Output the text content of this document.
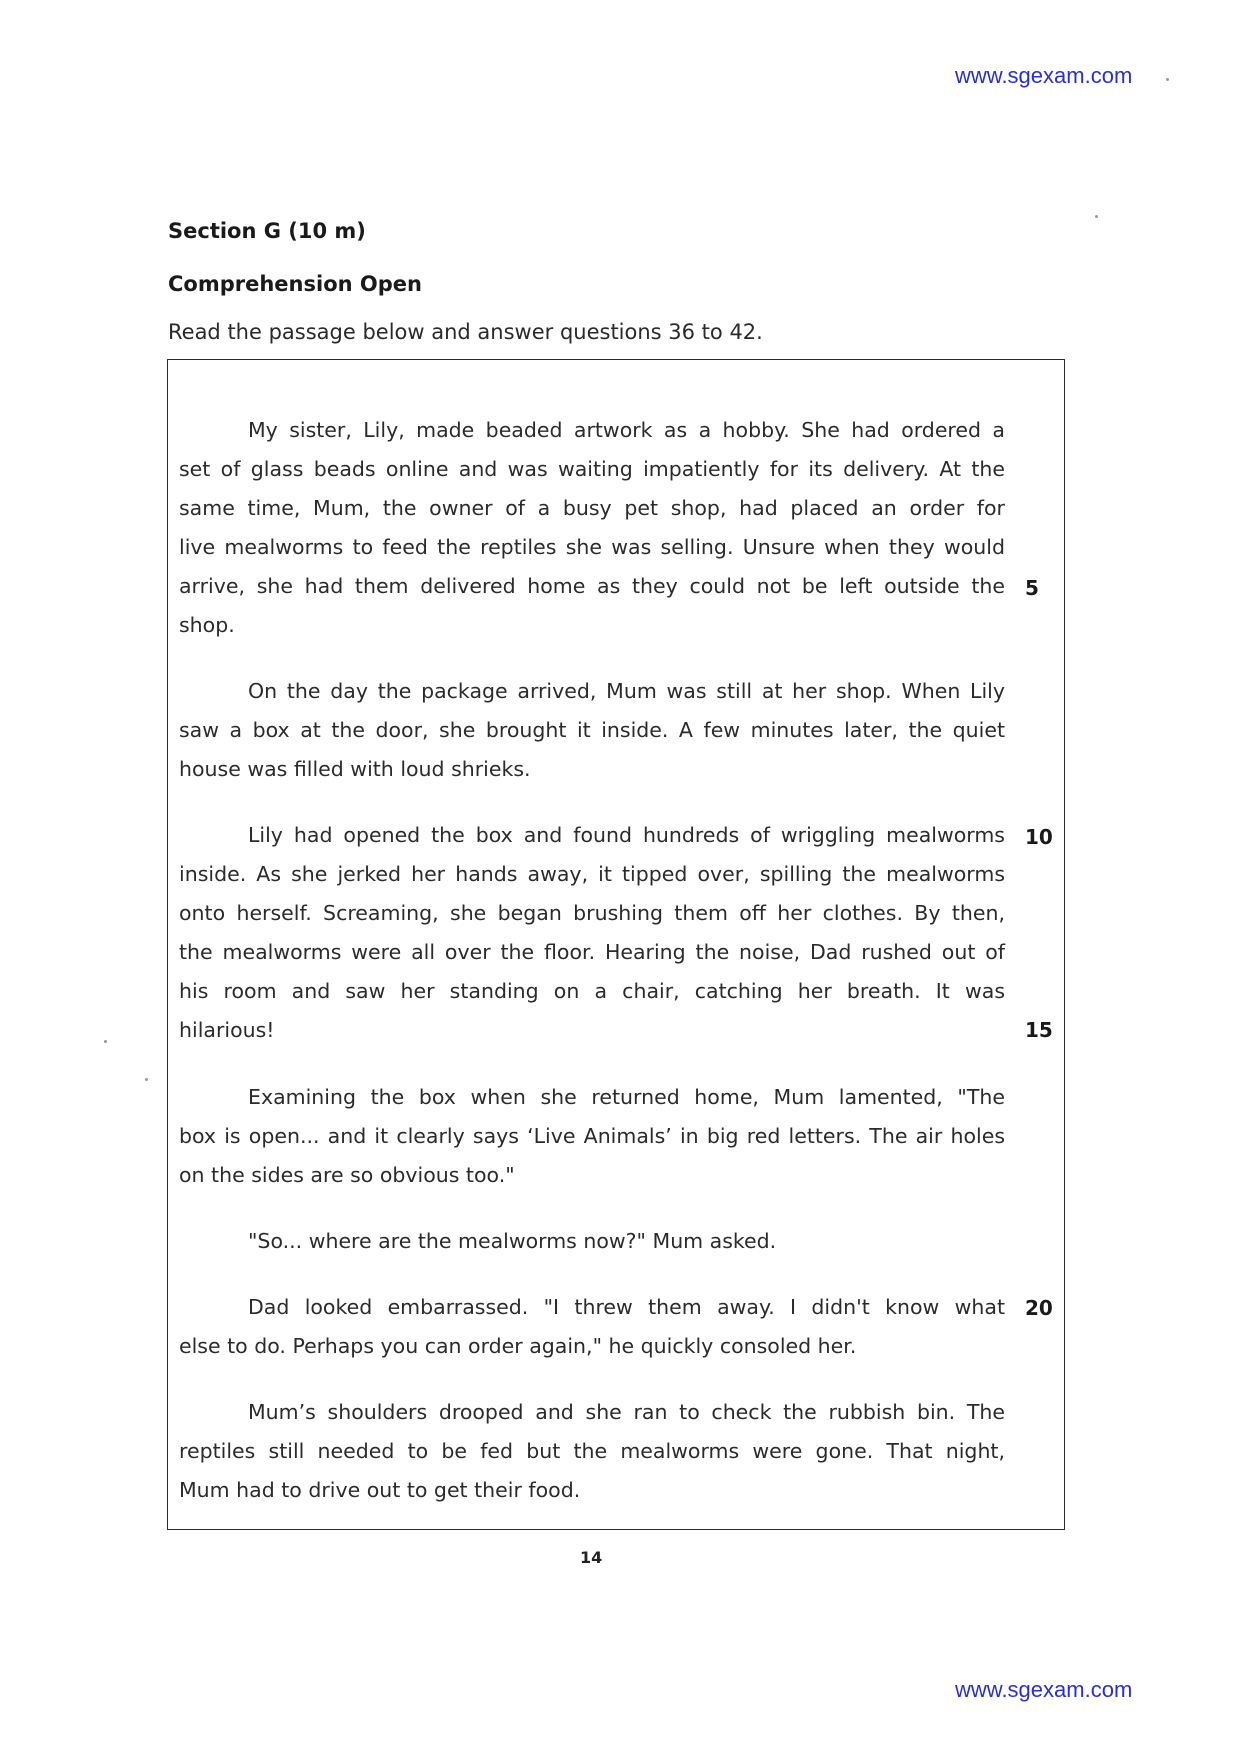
www.sgexam.com
Section G (10 m)
Comprehension Open
Read the passage below and answer questions 36 to 42.
My sister, Lily, made beaded artwork as a hobby. She had ordered a
set of glass beads online and was waiting impatiently for its delivery. At the
same time, Mum, the owner of a busy pet shop, had placed an order for
live mealworms to feed the reptiles she was selling. Unsure when they would
arrive, she had them delivered home as they could not be left outside the 5
shop.
On the day the package arrived, Mum was still at her shop. When Lily
saw a box at the door, she brought it inside. A few minutes later, the quiet
house was filled with loud shrieks.
Lily had opened the box and found hundreds of wriggling mealworms 10
inside. As she jerked her hands away, it tipped over, spilling the mealworms
onto herself. Screaming, she began brushing them off her clothes. By then,
the mealworms were all over the floor. Hearing the noise, Dad rushed out of
his room and saw her standing on a chair, catching her breath. It was
hilarious!	15
Examining the box when she returned home, Mum lamented, "The
box is open... and it clearly says ‘Live Animals’ in big red letters. The air holes
on the sides are so obvious too."
"So... where are the mealworms now?" Mum asked.
Dad looked embarrassed. "I threw them away. I didn't know what 20
else to do. Perhaps you can order again," he quickly consoled her.
Mum’s shoulders drooped and she ran to check the rubbish bin. The
reptiles still needed to be fed but the mealworms were gone. That night,
Mum had to drive out to get their food.
14
www.sgexam.com
